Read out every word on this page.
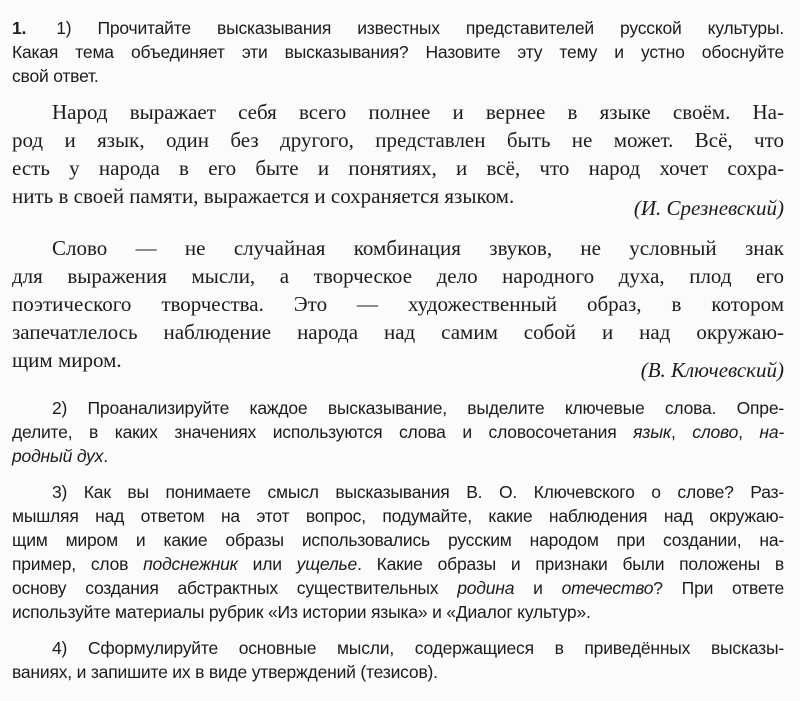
1. 1) Прочитайте высказывания известных представителей русской культуры.
Какая тема объединяет эти высказывания? Назовите эту тему и устно обоснуйте
свой ответ.
Народ выражает себя всего полнее и вернее в языке своём. На-
род и язык, один без другого, представлен быть не может. Всё, что
есть у народа в его быте и понятиях, и всё, что народ хочет сохра-
нить в своей памяти, выражается и сохраняется языком.	(И. Срезневский)
Слово — не случайная комбинация звуков, не условный знак
для выражения мысли, а творческое дело народного духа, плод его
поэтического творчества. Это — художественный образ, в котором
запечатлелось наблюдение народа над самим собой и над окружаю-
щим миром.	(В. Ключевский)
2) Проанализируйте каждое высказывание, выделите ключевые слова. Опре-
делите, в каких значениях используются слова и словосочетания язык, слово, на-
родный дух.
3) Как вы понимаете смысл высказывания В. О. Ключевского о слове? Раз-
мышляя над ответом на этот вопрос, подумайте, какие наблюдения над окружаю-
щим миром и какие образы использовались русским народом при создании, на-
пример, слов подснежник или ущелье. Какие образы и признаки были положены в
основу создания абстрактных существительных родина и отечество? При ответе
используйте материалы рубрик «Из истории языка» и «Диалог культур».
4) Сформулируйте основные мысли, содержащиеся в приведённых высказы-
ваниях, и запишите их в виде утверждений (тезисов).
